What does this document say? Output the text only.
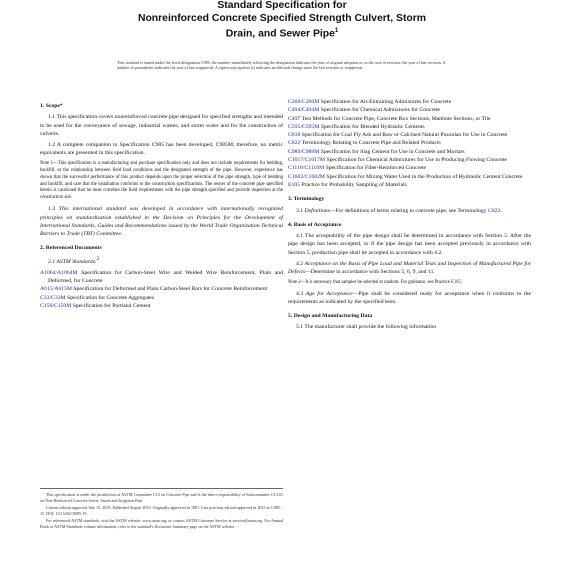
Standard Specification for
Nonreinforced Concrete Specified Strength Culvert, Storm
Drain, and Sewer Pipe$^1$
This standard is issued under the fixed designation C985; the number immediately following the designation indicates the year of original adoption or, in the case of revision, the year of last revision. A number in parentheses indicates the year of last reapproval. A superscript epsilon (ε) indicates an editorial change since the last revision or reapproval.
1. Scope*

1.1 This specification covers nonreinforced concrete pipe designed for specified strengths and intended to be used for the conveyance of sewage, industrial wastes, and storm water and for the construction of culverts.

1.2 A complete companion to Specification C985 has been developed, C985M; therefore, no metric equivalents are presented in this specification.

Note 1—This specification is a manufacturing and purchase specification only and does not include requirements for bedding, backfill, or the relationship between field load conditions and the designated strength of the pipe. However, experience has shown that the successful performance of this product depends upon the proper selection of the pipe strength, type of bedding and backfill, and care that the installation conforms to the construction specifications. The owner of the concrete pipe specified herein is cautioned that he must correlate the field requirements with the pipe strength specified and provide inspection at the construction site.

1.3 This international standard was developed in accordance with internationally recognized principles on standardization established in the Decision on Principles for the Development of International Standards, Guides and Recommendations issued by the World Trade Organization Technical Barriers to Trade (TBT) Committee.

2. Referenced Documents

2.1 ASTM Standards:$^2$

A1064/A1064M Specification for Carbon-Steel Wire and Welded Wire Reinforcement, Plain and Deformed, for Concrete

A615/A615M Specification for Deformed and Plain Carbon-Steel Bars for Concrete Reinforcement

C33/C33M Specification for Concrete Aggregates

C150/C150M Specification for Portland Cement

C260/C260M Specification for Air-Entraining Admixtures for Concrete

C494/C494M Specification for Chemical Admixtures for Concrete

C497 Test Methods for Concrete Pipe, Concrete Box Sections, Manhole Sections, or Tile

C595/C595M Specification for Blended Hydraulic Cements

C618 Specification for Coal Fly Ash and Raw or Calcined Natural Pozzolan for Use in Concrete

C822 Terminology Relating to Concrete Pipe and Related Products

C989/C989M Specification for Slag Cement for Use in Concrete and Mortars

C1017/C1017M Specification for Chemical Admixtures for Use in Producing Flowing Concrete

C1116/C1116M Specification for Fiber-Reinforced Concrete

C1602/C1602M Specification for Mixing Water Used in the Production of Hydraulic Cement Concrete

E105 Practice for Probability Sampling of Materials

3. Terminology

3.1 Definitions—For definitions of terms relating to concrete pipe, see Terminology C822.

4. Basis of Acceptance

4.1 The acceptability of the pipe design shall be determined in accordance with Section 5. After the pipe design has been accepted, or if the pipe design has been accepted previously in accordance with Section 5, production pipe shall be accepted in accordance with 4.2.

4.2 Acceptance on the Basis of Pipe Load and Material Tests and Inspection of Manufactured Pipe for Defects—Determine in accordance with Sections 5, 6, 9, and 11.

Note 2—It is necessary that samples be selected at random. For guidance, see Practice E105.

4.3 Age for Acceptance—Pipe shall be considered ready for acceptance when it conforms to the requirements as indicated by the specified tests.

5. Design and Manufacturing Data

5.1 The manufacturer shall provide the following information

This specification is under the jurisdiction of ASTM Committee C13 on Concrete Pipe and is the direct responsibility of Subcommittee C13.01 on Non-Reinforced Concrete Sewer, Storm and Irrigation Pipe.

Current edition approved July 15, 2019. Published August 2019. Originally approved in 1981. Last previous edition approved in 2015 as C985 – 15. DOI: 10.1520/C0985-19.

For referenced ASTM standards, visit the ASTM website, www.astm.org, or contact ASTM Customer Service at service@astm.org. For Annual Book of ASTM Standards volume information, refer to the standard's Document Summary page on the ASTM website.
